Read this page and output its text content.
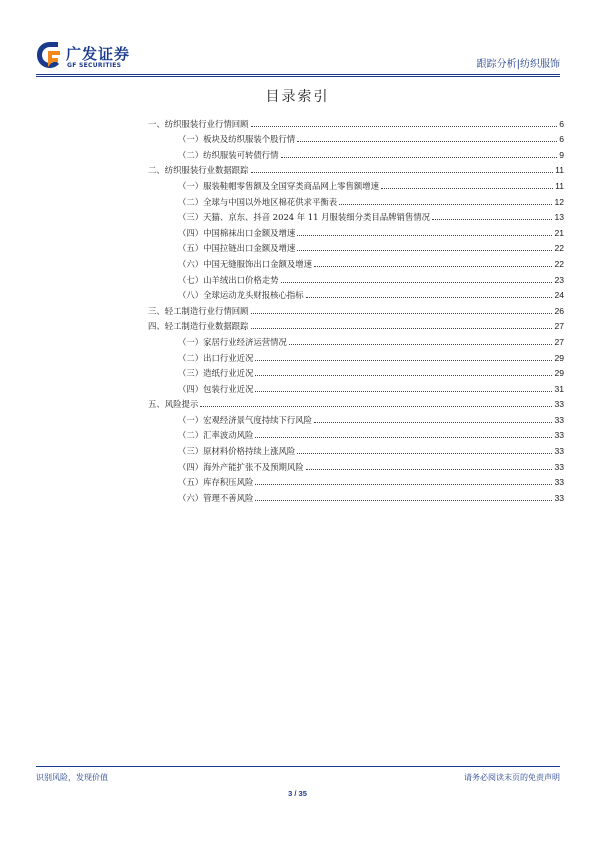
广发证券
GF SECURITIES	跟踪分析|纺织服饰
目录索引
一、纺织服装行业行情回顾	6
（一）板块及纺织服装个股行情	6
（二）纺织服装可转债行情	9
二、纺织服装行业数据跟踪	11
（一）服装鞋帽零售额及全国穿类商品网上零售额增速	11
（二）全球与中国以外地区棉花供求平衡表	12
（三）天猫、京东、抖音 2024 年 11 月服装细分类目品牌销售情况	13
（四）中国棉袜出口金额及增速	21
（五）中国拉链出口金额及增速	22
（六）中国无缝服饰出口金额及增速	22
（七）山羊绒出口价格走势	23
（八）全球运动龙头财报核心指标	24
三、轻工制造行业行情回顾	26
四、轻工制造行业数据跟踪	27
（一）家居行业经济运营情况	27
（二）出口行业近况	29
（三）造纸行业近况	29
（四）包装行业近况	31
五、风险提示	33
（一）宏观经济景气度持续下行风险	33
（二）汇率波动风险	33
（三）原材料价格持续上涨风险	33
（四）海外产能扩张不及预期风险	33
（五）库存积压风险	33
（六）管理不善风险	33
识别风险，发现价值	请务必阅读末页的免责声明
3 / 35
